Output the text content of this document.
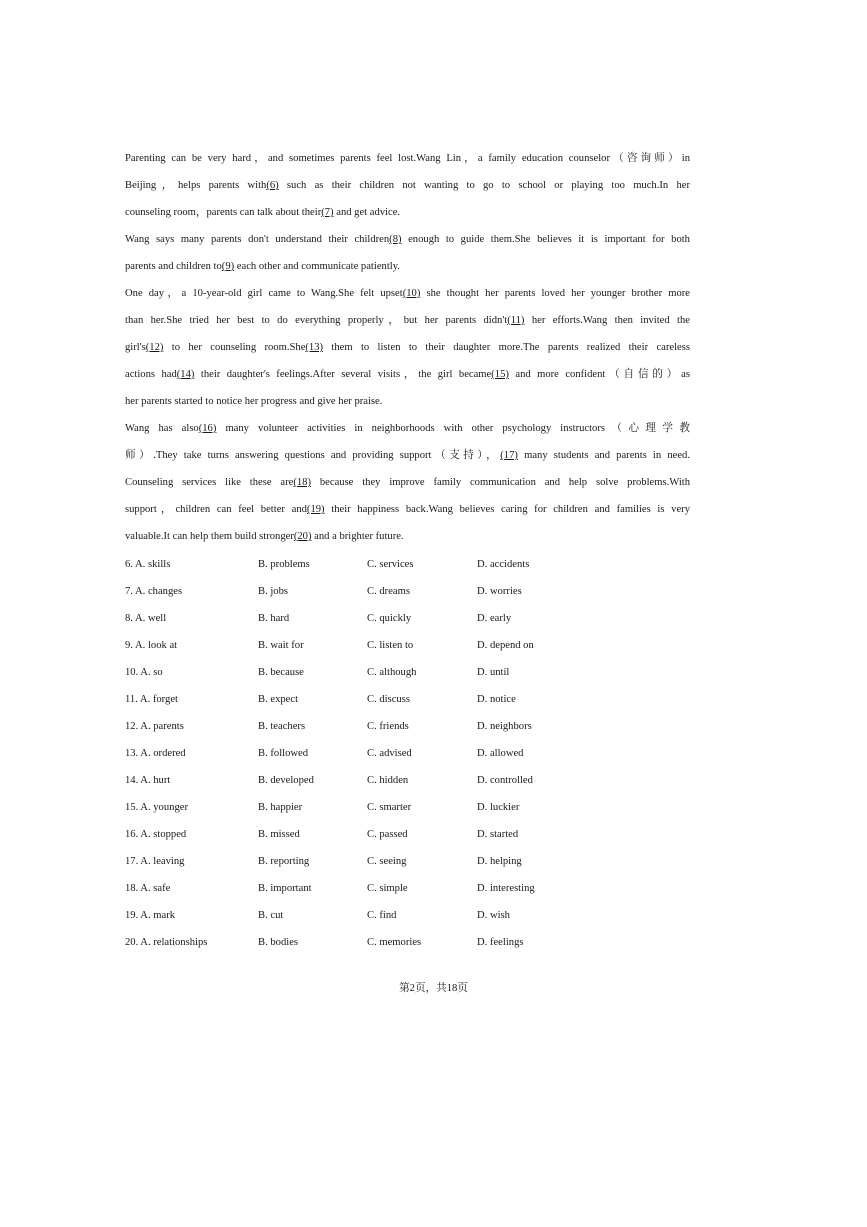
Parenting can be very hard，and sometimes parents feel lost.Wang Lin，a family education counselor（咨询师）in
Beijing，helps parents with(6) such as their children not wanting to go to school or playing too much.In her
counseling room，parents can talk about their(7) and get advice.
Wang says many parents don't understand their children(8) enough to guide them.She believes it is important for both
parents and children to(9) each other and communicate patiently.
One day，a 10-year-old girl came to Wang.She felt upset(10) she thought her parents loved her younger brother more
than her.She tried her best to do everything properly，but her parents didn't(11) her efforts.Wang then invited the
girl's(12) to her counseling room.She(13) them to listen to their daughter more.The parents realized their careless
actions had(14) their daughter's feelings.After several visits，the girl became(15) and more confident（自信的）as
her parents started to notice her progress and give her praise.
Wang has also(16) many volunteer activities in neighborhoods with other psychology instructors（心理学教
师）.They take turns answering questions and providing support（支持），(17) many students and parents in need.
Counseling services like these are(18) because they improve family communication and help solve problems.With
support，children can feel better and(19) their happiness back.Wang believes caring for children and families is very
valuable.It can help them build stronger(20) and a brighter future.
6. A. skills	B. problems	C. services	D. accidents
7. A. changes	B. jobs	C. dreams	D. worries
8. A. well	B. hard	C. quickly	D. early
9. A. look at	B. wait for	C. listen to	D. depend on
10. A. so	B. because	C. although	D. until
11. A. forget	B. expect	C. discuss	D. notice
12. A. parents	B. teachers	C. friends	D. neighbors
13. A. ordered	B. followed	C. advised	D. allowed
14. A. hurt	B. developed	C. hidden	D. controlled
15. A. younger	B. happier	C. smarter	D. luckier
16. A. stopped	B. missed	C. passed	D. started
17. A. leaving	B. reporting	C. seeing	D. helping
18. A. safe	B. important	C. simple	D. interesting
19. A. mark	B. cut	C. find	D. wish
20. A. relationships	B. bodies	C. memories	D. feelings
第2页，共18页
